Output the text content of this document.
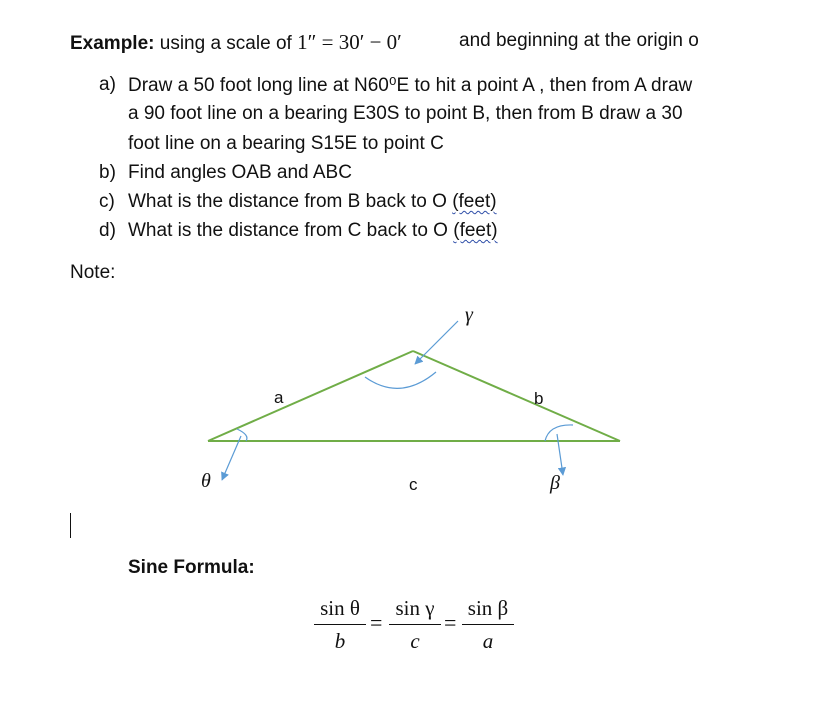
Example: using a scale of 1″ = 30′ − 0′	and beginning at the origin o
a) Draw a 50 foot long line at N60⁰E to hit a point A , then from A draw
a 90 foot line on a bearing E30S to point B, then from B draw a 30
foot line on a bearing S15E to point C
b) Find angles OAB and ABC
c) What is the distance from B back to O (feet)
d) What is the distance from C back to O (feet)
Note:
γ
a	b
c
θ	β
Sine Formula:
sin θ
b
=
sin γ
c
=
sin β
a
